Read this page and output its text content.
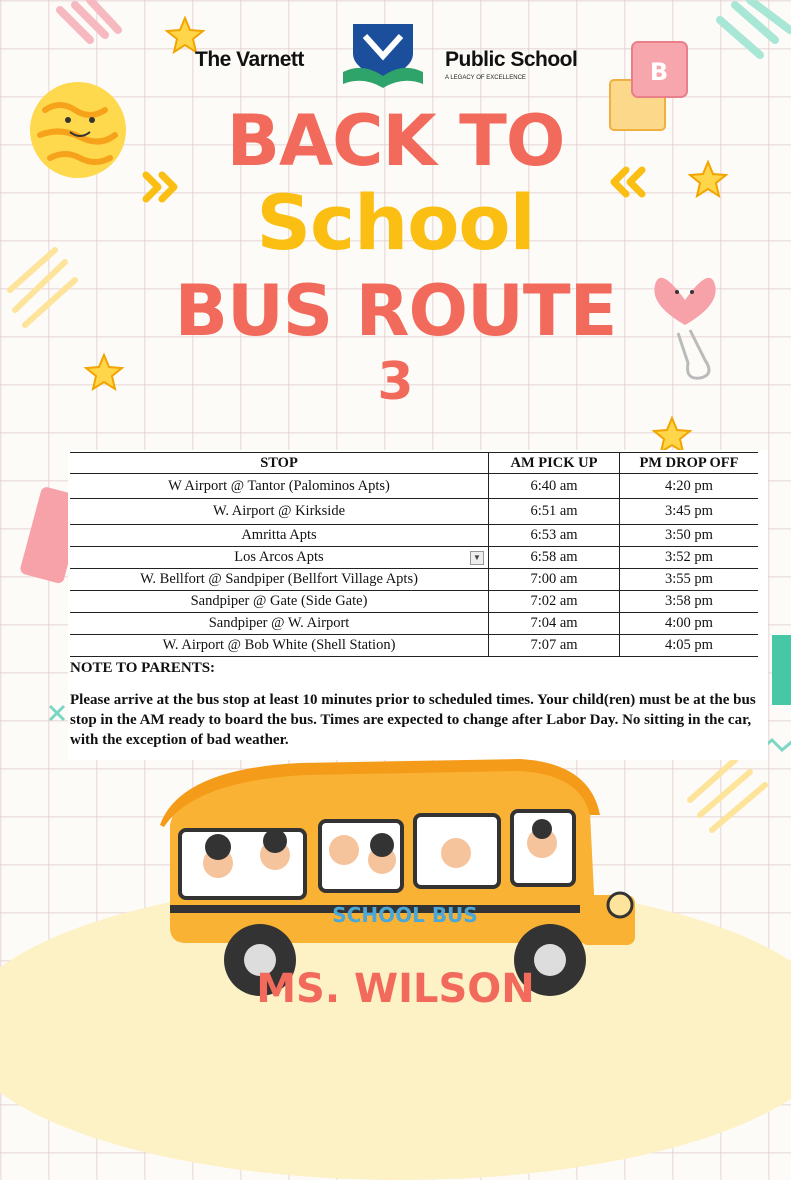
B
The Varnett	Public School
A LEGACY OF EXCELLENCE
BACK TO
School
BUS ROUTE
3
STOP	AM PICK UP	PM DROP OFF
W Airport @ Tantor (Palominos Apts)	6:40 am	4:20 pm
W. Airport @ Kirkside	6:51 am	3:45 pm
Amritta Apts	6:53 am	3:50 pm
Los Arcos Apts ▼	6:58 am	3:52 pm
W. Bellfort @ Sandpiper (Bellfort Village Apts)	7:00 am	3:55 pm
Sandpiper @ Gate (Side Gate)	7:02 am	3:58 pm
Sandpiper @ W. Airport	7:04 am	4:00 pm
W. Airport @ Bob White (Shell Station)	7:07 am	4:05 pm
NOTE TO PARENTS:
Please arrive at the bus stop at least 10 minutes prior to scheduled times. Your child(ren) must be at the bus stop in the AM ready to board the bus. Times are expected to change after Labor Day. No sitting in the car, with the exception of bad weather.
SCHOOL BUS
MS. WILSON
